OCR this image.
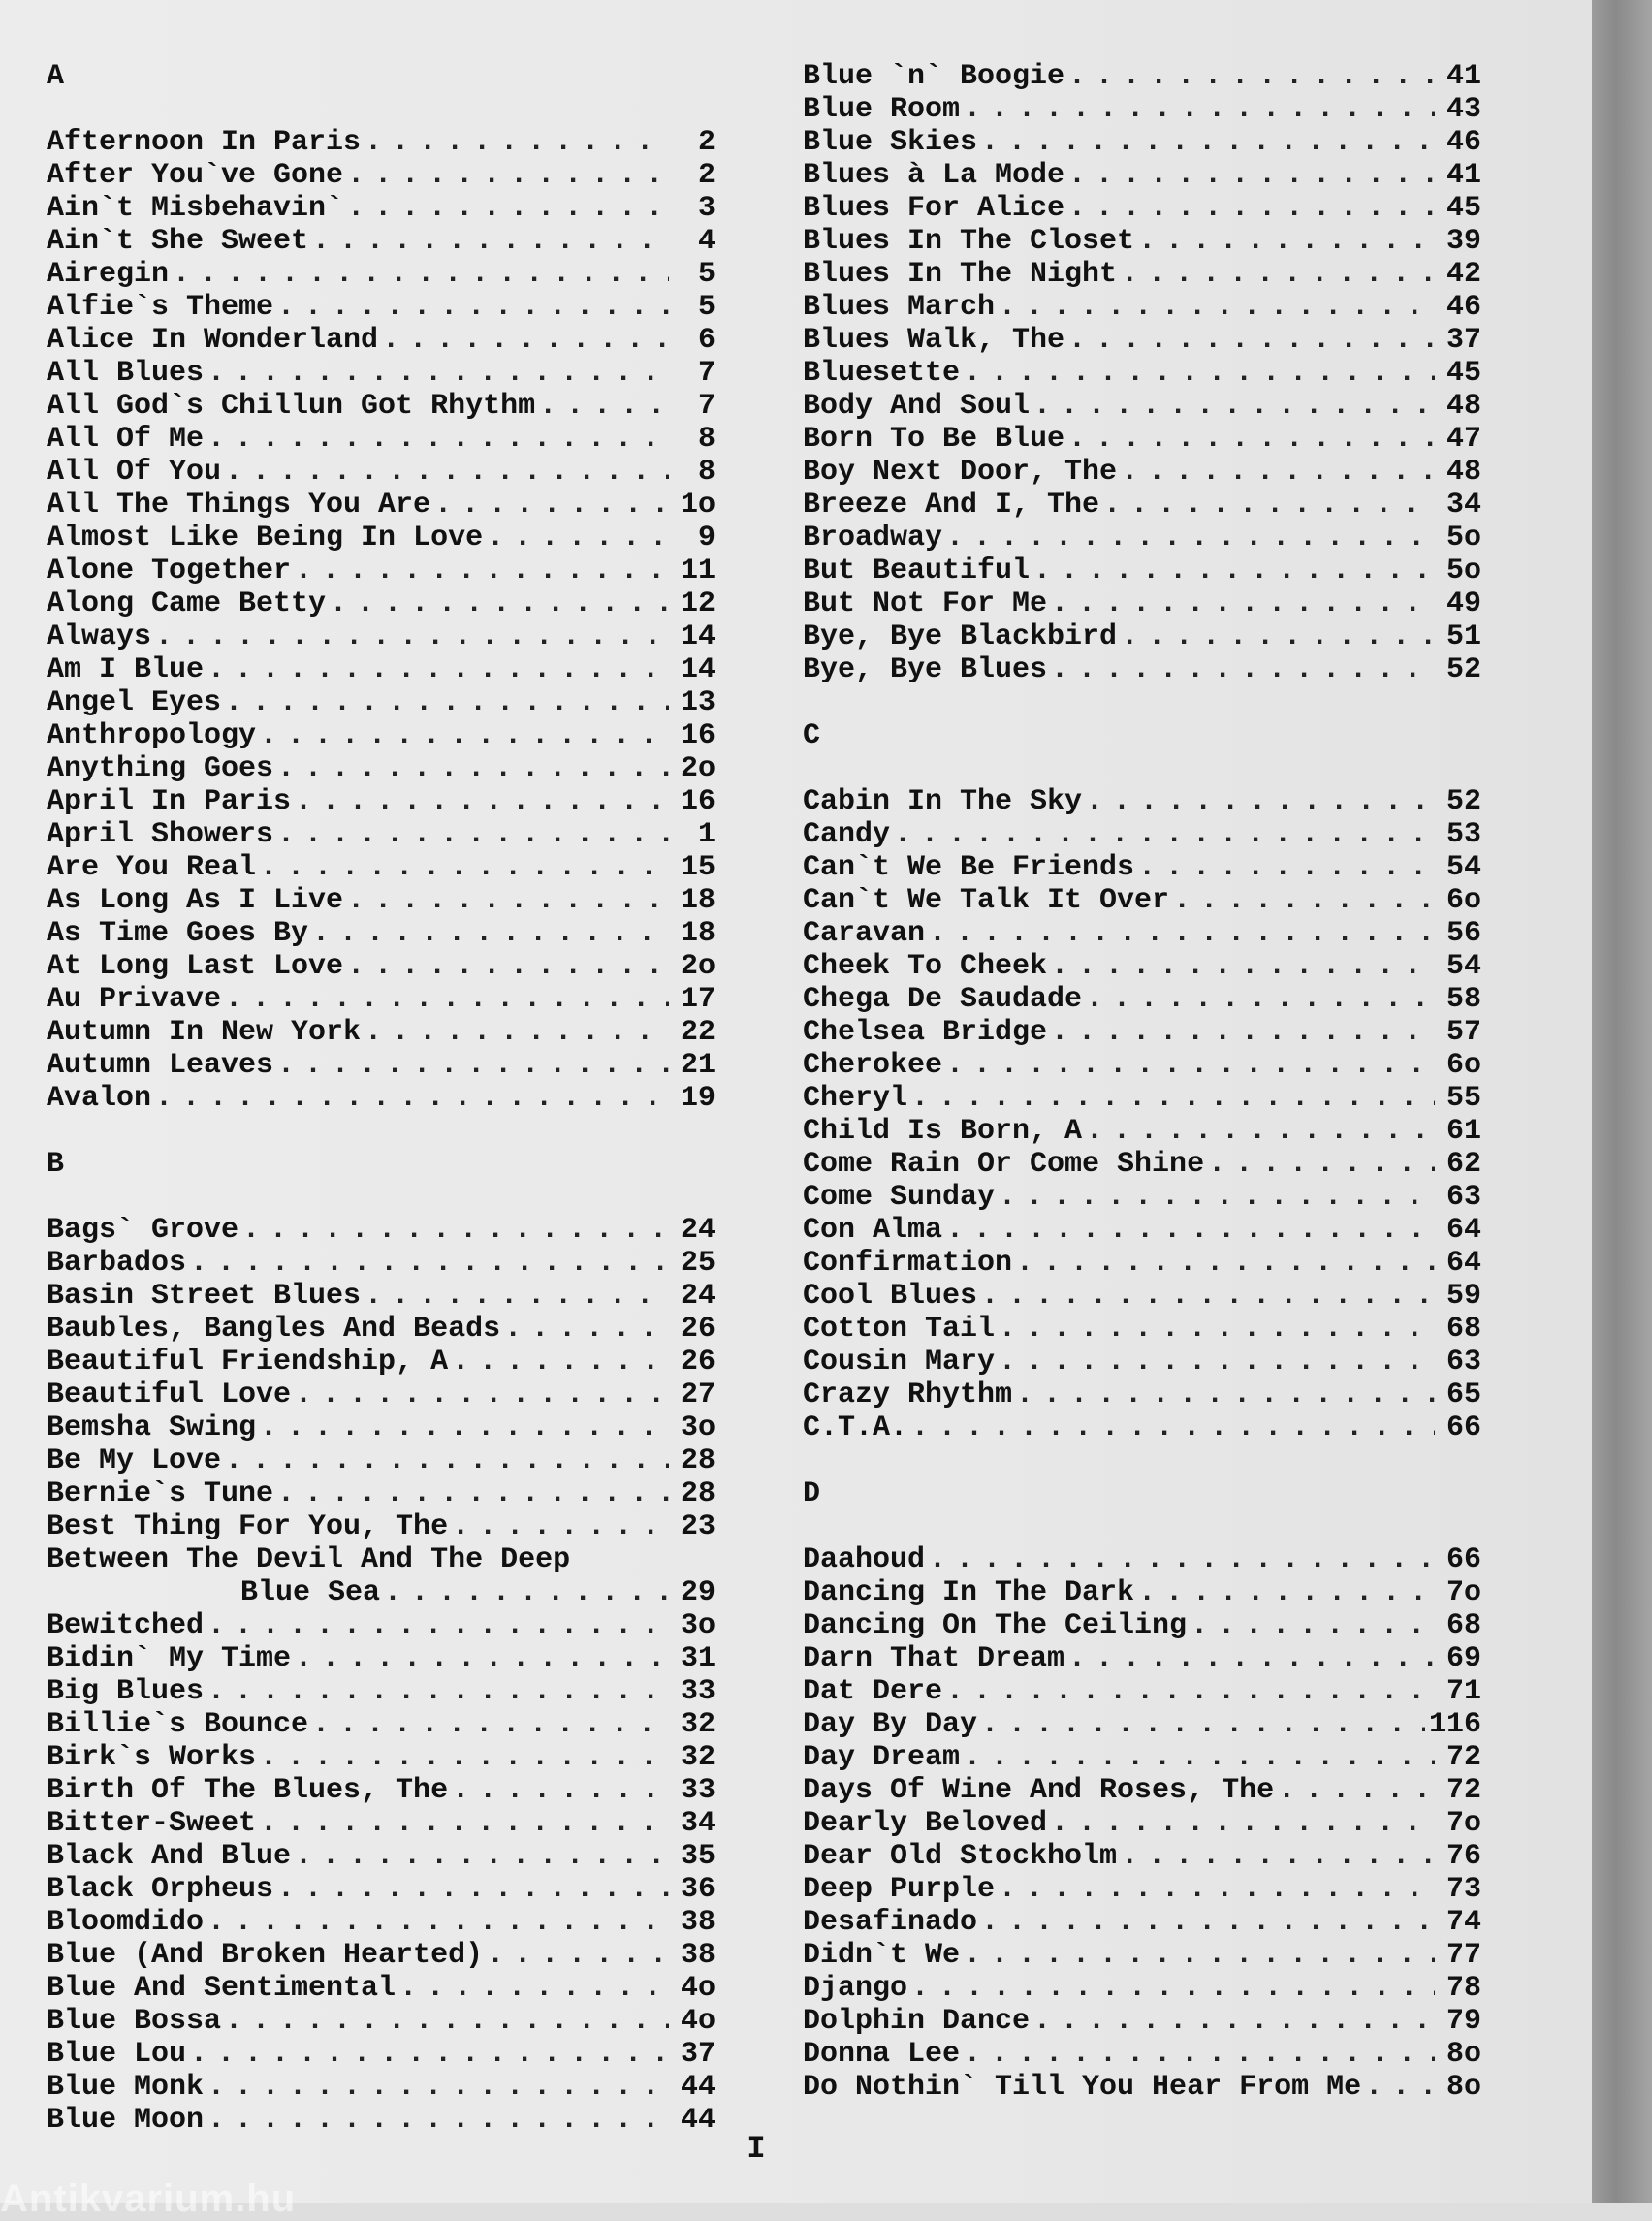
A
Afternoon In Paris . . .	2
After You`ve Gone . . .	2
Ain`t Misbehavin` . . .	3
Ain`t She Sweet . . .	4
Airegin . . .	5
Alfie`s Theme . . .	5
Alice In Wonderland . . .	6
All Blues . . .	7
All God`s Chillun Got Rhythm . . .	7
All Of Me . . .	8
All Of You . . .	8
All The Things You Are . . .	1o
Almost Like Being In Love . . .	9
Alone Together . . .	11
Along Came Betty . . .	12
Always . . .	14
Am I Blue . . .	14
Angel Eyes . . .	13
Anthropology . . .	16
Anything Goes . . .	2o
April In Paris . . .	16
April Showers . . .	1
Are You Real . . .	15
As Long As I Live . . .	18
As Time Goes By . . .	18
At Long Last Love . . .	2o
Au Privave . . .	17
Autumn In New York . . .	22
Autumn Leaves . . .	21
Avalon . . .	19
B
Bags` Grove . . .	24
Barbados . . .	25
Basin Street Blues . . .	24
Baubles, Bangles And Beads . . .	26
Beautiful Friendship, A . . .	26
Beautiful Love . . .	27
Bemsha Swing . . .	3o
Be My Love . . .	28
Bernie`s Tune . . .	28
Best Thing For You, The . . .	23
Between The Devil And The Deep
Blue Sea . . .	29
Bewitched . . .	3o
Bidin` My Time . . .	31
Big Blues . . .	33
Billie`s Bounce . . .	32
Birk`s Works . . .	32
Birth Of The Blues, The . . .	33
Bitter-Sweet . . .	34
Black And Blue . . .	35
Black Orpheus . . .	36
Bloomdido . . .	38
Blue (And Broken Hearted) . . .	38
Blue And Sentimental . . .	4o
Blue Bossa . . .	4o
Blue Lou . . .	37
Blue Monk . . .	44
Blue Moon . . .	44
Blue `n` Boogie . . .	41
Blue Room . . .	43
Blue Skies . . .	46
Blues à La Mode . . .	41
Blues For Alice . . .	45
Blues In The Closet . . .	39
Blues In The Night . . .	42
Blues March . . .	46
Blues Walk, The . . .	37
Bluesette . . .	45
Body And Soul . . .	48
Born To Be Blue . . .	47
Boy Next Door, The . . .	48
Breeze And I, The . . .	34
Broadway . . .	5o
But Beautiful . . .	5o
But Not For Me . . .	49
Bye, Bye Blackbird . . .	51
Bye, Bye Blues . . .	52
C
Cabin In The Sky . . .	52
Candy . . .	53
Can`t We Be Friends . . .	54
Can`t We Talk It Over . . .	6o
Caravan . . .	56
Cheek To Cheek . . .	54
Chega De Saudade . . .	58
Chelsea Bridge . . .	57
Cherokee . . .	6o
Cheryl . . .	55
Child Is Born, A . . .	61
Come Rain Or Come Shine . . .	62
Come Sunday . . .	63
Con Alma . . .	64
Confirmation . . .	64
Cool Blues . . .	59
Cotton Tail . . .	68
Cousin Mary . . .	63
Crazy Rhythm . . .	65
C.T.A. . . .	66
D
Daahoud . . .	66
Dancing In The Dark . . .	7o
Dancing On The Ceiling . . .	68
Darn That Dream . . .	69
Dat Dere . . .	71
Day By Day . . .	116
Day Dream . . .	72
Days Of Wine And Roses, The . . .	72
Dearly Beloved . . .	7o
Dear Old Stockholm . . .	76
Deep Purple . . .	73
Desafinado . . .	74
Didn`t We . . .	77
Django . . .	78
Dolphin Dance . . .	79
Donna Lee . . .	8o
Do Nothin` Till You Hear From Me . . .	8o
I
Antikvarium.hu
